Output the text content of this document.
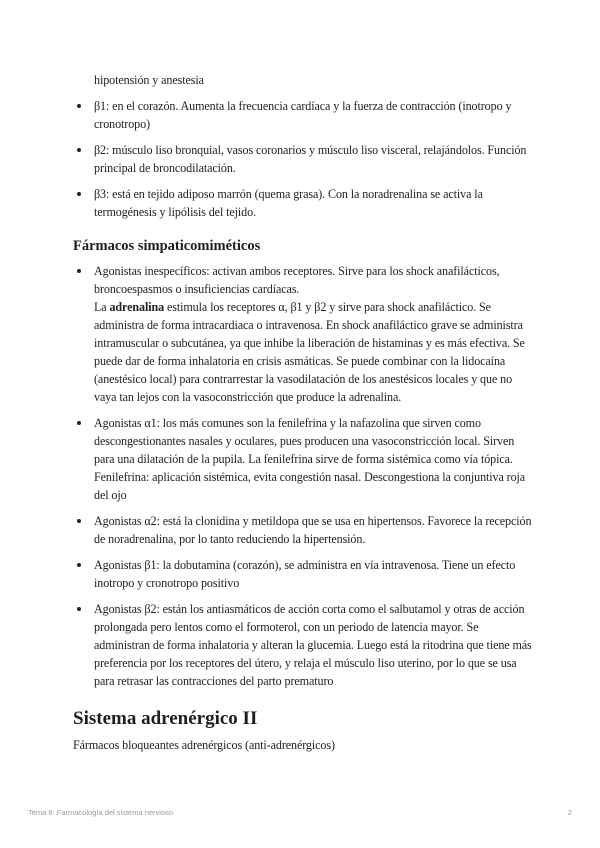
hipotensión y anestesia

β1: en el corazón. Aumenta la frecuencia cardíaca y la fuerza de contracción (inotropo y cronotropo)

β2: músculo liso bronquial, vasos coronarios y músculo liso visceral, relajándolos. Función principal de broncodilatación.

β3: está en tejido adiposo marrón (quema grasa). Con la noradrenalina se activa la termogénesis y lipólisis del tejido.

Fármacos simpaticomiméticos

Agonistas inespecíficos: activan ambos receptores. Sirve para los shock anafilácticos, broncoespasmos o insuficiencias cardíacas.

La adrenalina estimula los receptores α, β1 y β2 y sirve para shock anafiláctico. Se administra de forma intracardiaca o intravenosa. En shock anafiláctico grave se administra intramuscular o subcutánea, ya que inhibe la liberación de histaminas y es más efectiva. Se puede dar de forma inhalatoria en crisis asmáticas. Se puede combinar con la lidocaína (anestésico local) para contrarrestar la vasodilatación de los anestésicos locales y que no vaya tan lejos con la vasoconstricción que produce la adrenalina.

Agonistas α1: los más comunes son la fenilefrina y la nafazolina que sirven como descongestionantes nasales y oculares, pues producen una vasoconstricción local. Sirven para una dilatación de la pupila. La fenilefrina sirve de forma sistémica como vía tópica. Fenilefrina: aplicación sistémica, evita congestión nasal. Descongestiona la conjuntiva roja del ojo

Agonistas α2: está la clonidina y metildopa que se usa en hipertensos. Favorece la recepción de noradrenalina, por lo tanto reduciendo la hipertensión.

Agonistas β1: la dobutamina (corazón), se administra en vía intravenosa. Tiene un efecto inotropo y cronotropo positivo

Agonistas β2: están los antiasmáticos de acción corta como el salbutamol y otras de acción prolongada pero lentos como el formoterol, con un periodo de latencia mayor. Se administran de forma inhalatoria y alteran la glucemia. Luego está la ritodrina que tiene más preferencia por los receptores del útero, y relaja el músculo liso uterino, por lo que se usa para retrasar las contracciones del parto prematuro

Sistema adrenérgico II

Fármacos bloqueantes adrenérgicos (anti-adrenérgicos)

Tema 6: Farmacología del sistema nervioso	2
